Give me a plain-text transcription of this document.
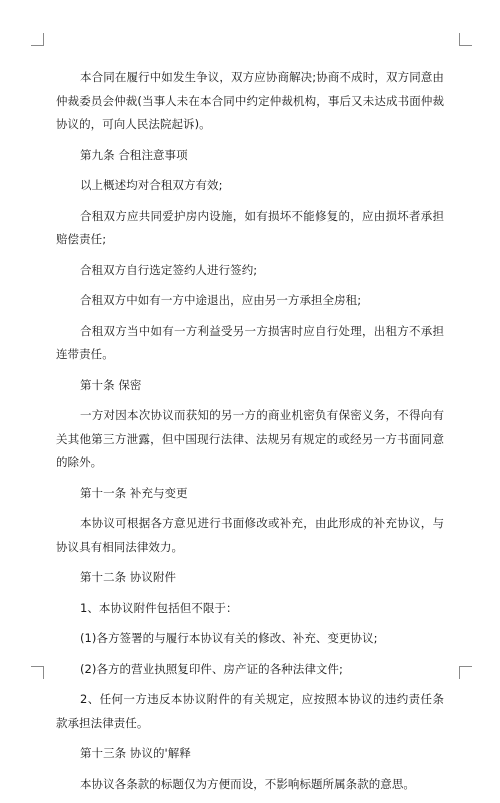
本合同在履行中如发生争议，双方应协商解决;协商不成时，双方同意由仲裁委员会仲裁(当事人未在本合同中约定仲裁机构，事后又未达成书面仲裁协议的，可向人民法院起诉)。

第九条 合租注意事项

以上概述均对合租双方有效;

合租双方应共同爱护房内设施，如有损坏不能修复的，应由损坏者承担赔偿责任;

合租双方自行选定签约人进行签约;

合租双方中如有一方中途退出，应由另一方承担全房租;

合租双方当中如有一方利益受另一方损害时应自行处理，出租方不承担连带责任。

第十条 保密

一方对因本次协议而获知的另一方的商业机密负有保密义务，不得向有关其他第三方泄露，但中国现行法律、法规另有规定的或经另一方书面同意的除外。

第十一条 补充与变更

本协议可根据各方意见进行书面修改或补充，由此形成的补充协议，与协议具有相同法律效力。

第十二条 协议附件

1、本协议附件包括但不限于：

(1)各方签署的与履行本协议有关的修改、补充、变更协议;

(2)各方的营业执照复印件、房产证的各种法律文件;

2、任何一方违反本协议附件的有关规定，应按照本协议的违约责任条款承担法律责任。

第十三条 协议的'解释

本协议各条款的标题仅为方便而设，不影响标题所属条款的意思。
